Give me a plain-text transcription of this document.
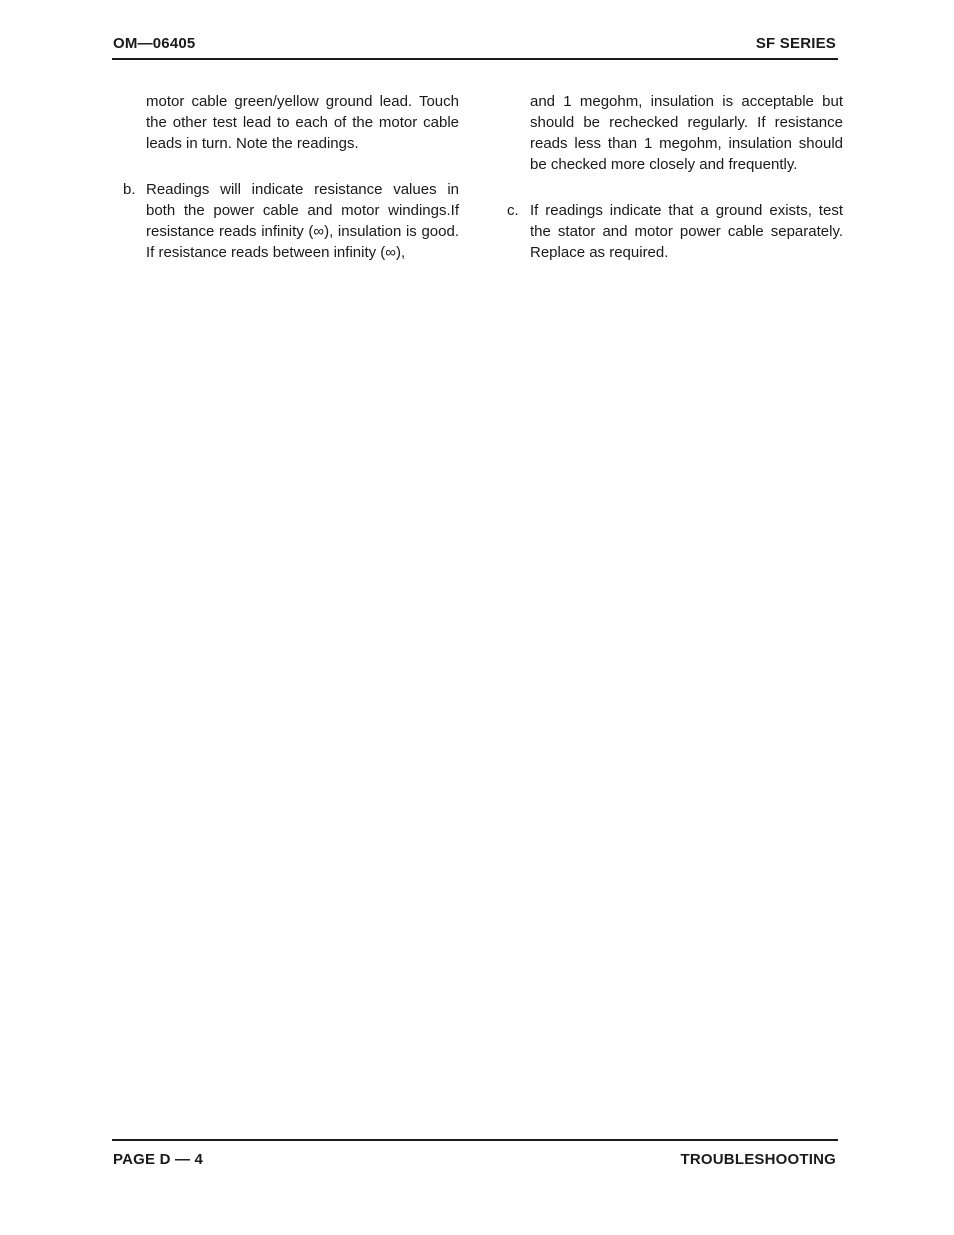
OM—06405	SF SERIES

motor cable green/yellow ground lead. Touch the other test lead to each of the motor cable leads in turn. Note the readings.

b. Readings will indicate resistance values in both the power cable and motor windings.If resistance reads infinity (∞), insulation is good. If resistance reads between infinity (∞),

and 1 megohm, insulation is acceptable but should be rechecked regularly. If resistance reads less than 1 megohm, insulation should be checked more closely and frequently.

c. If readings indicate that a ground exists, test the stator and motor power cable separately. Replace as required.

PAGE D — 4	TROUBLESHOOTING
